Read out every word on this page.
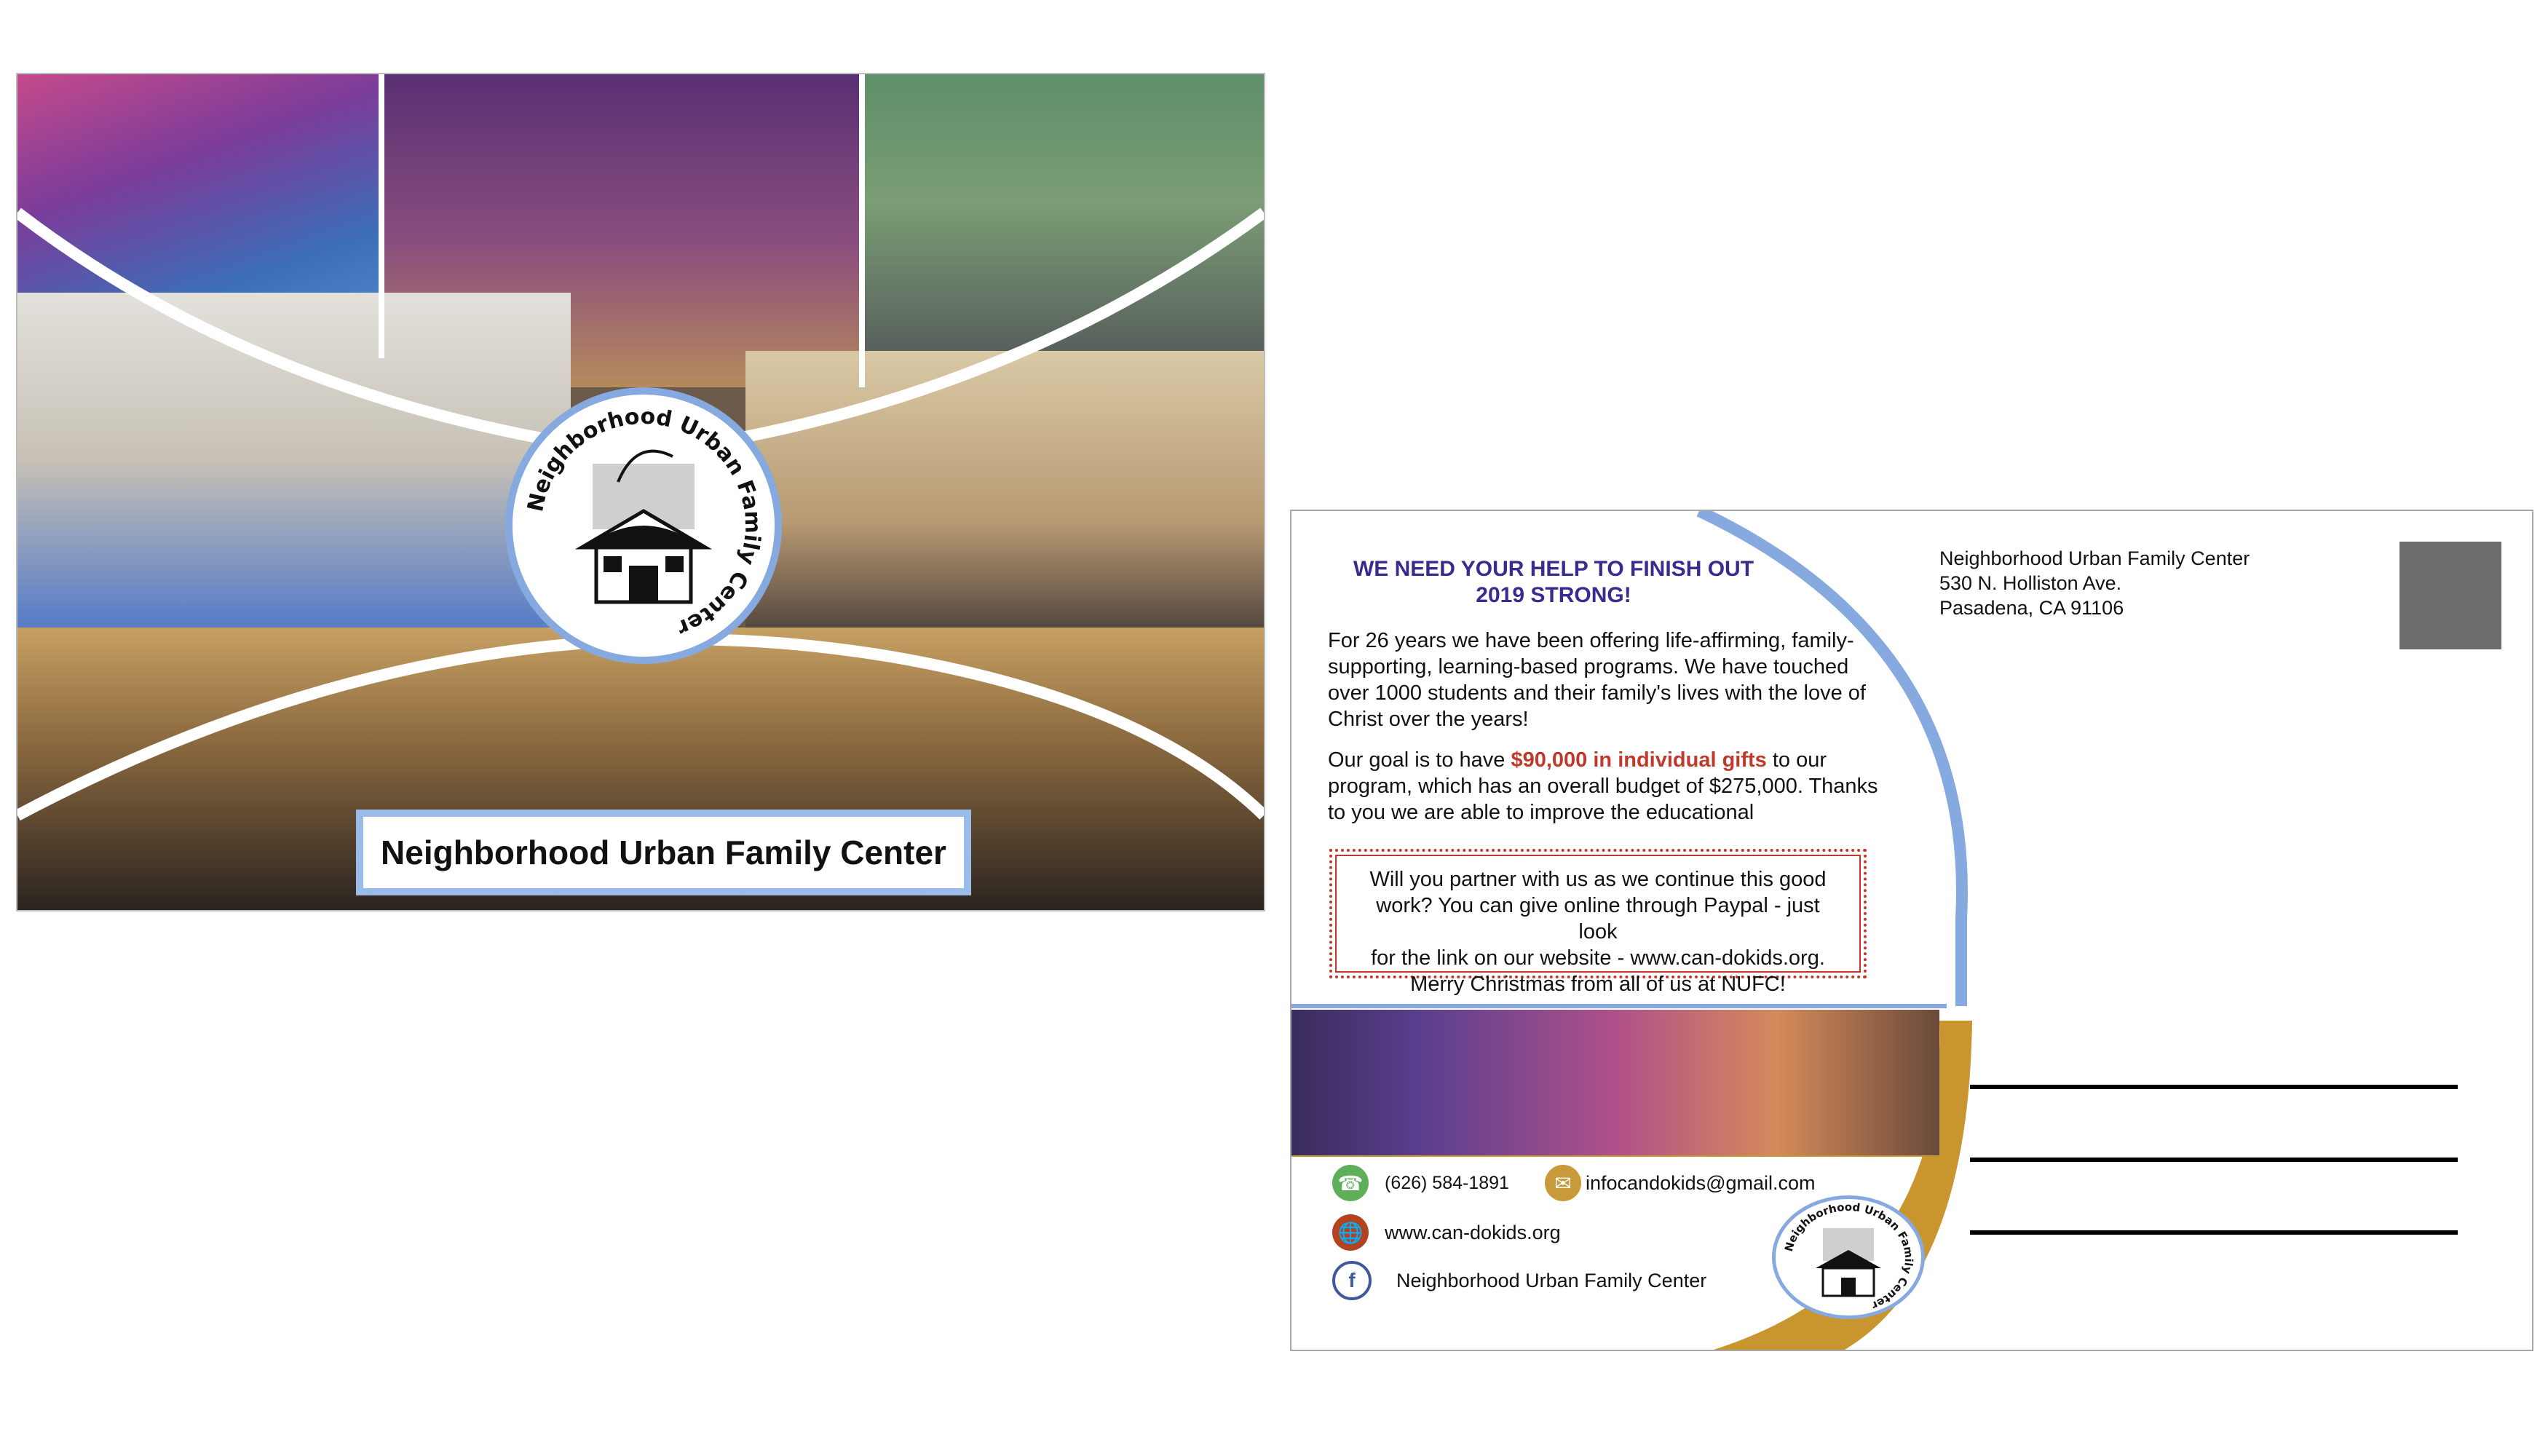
Neighborhood Urban Family Center
Neighborhood Urban Family Center
WE NEED YOUR HELP TO FINISH OUT
2019 STRONG!
For 26 years we have been offering life-affirming, family-supporting, learning-based programs. We have touched over 1000 students and their family's lives with the love of Christ over the years!
Our goal is to have $90,000 in individual gifts to our program, which has an overall budget of $275,000. Thanks to you we are able to improve the educational
Will you partner with us as we continue this good
work? You can give online through Paypal - just look
for the link on our website - www.can-dokids.org.
Merry Christmas from all of us at NUFC!
☎	(626) 584-1891	✉ infocandokids@gmail.com
🌐 www.can-dokids.org
f	Neighborhood Urban Family Center
Neighborhood Urban Family Center
Neighborhood Urban Family Center
530 N. Holliston Ave.
Pasadena, CA 91106
